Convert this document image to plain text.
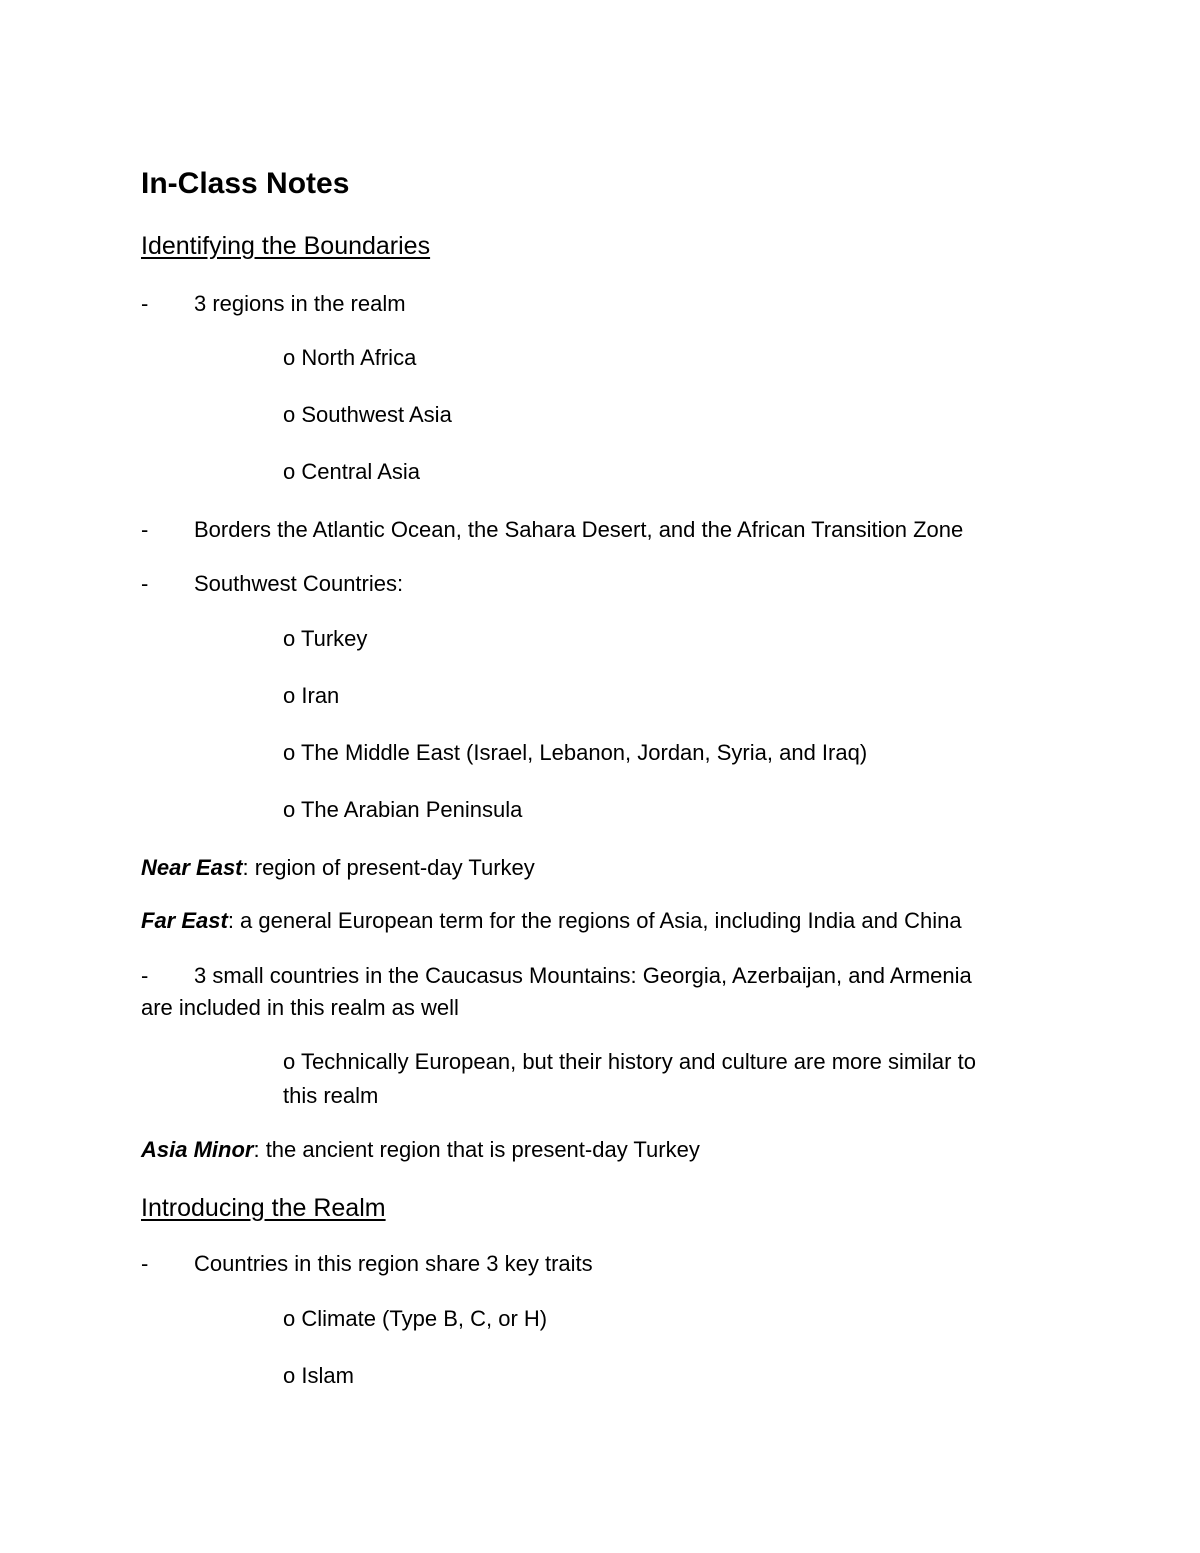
In-Class Notes
Identifying the Boundaries
- 3 regions in the realm
o North Africa
o Southwest Asia
o Central Asia
- Borders the Atlantic Ocean, the Sahara Desert, and the African Transition Zone
- Southwest Countries:
o Turkey
o Iran
o The Middle East (Israel, Lebanon, Jordan, Syria, and Iraq)
o The Arabian Peninsula
Near East: region of present-day Turkey
Far East: a general European term for the regions of Asia, including India and China
- 3 small countries in the Caucasus Mountains: Georgia, Azerbaijan, and Armenia
are included in this realm as well
o Technically European, but their history and culture are more similar to
this realm
Asia Minor: the ancient region that is present-day Turkey
Introducing the Realm
- Countries in this region share 3 key traits
o Climate (Type B, C, or H)
o Islam
